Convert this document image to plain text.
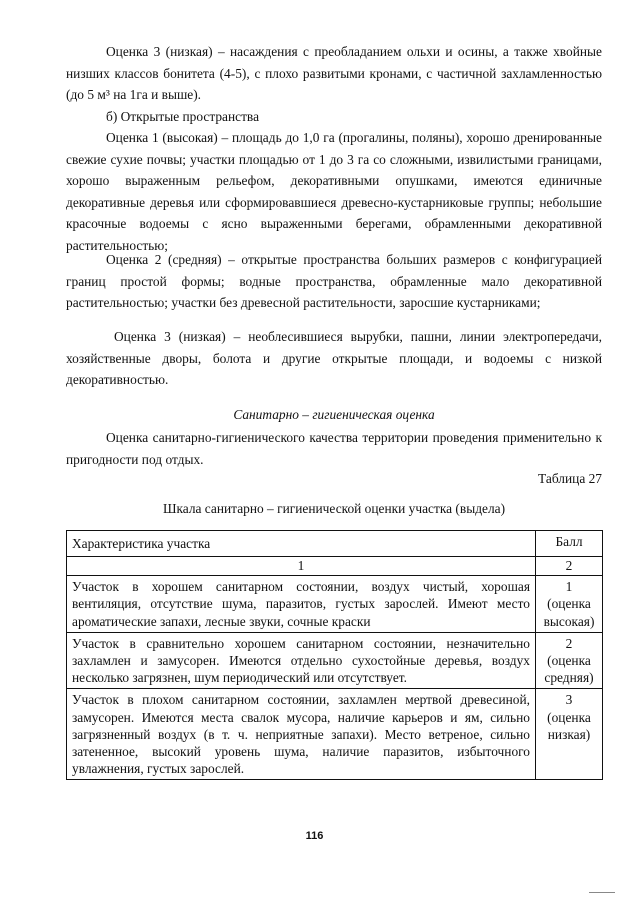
Оценка 3 (низкая) – насаждения с преобладанием ольхи и осины, а также хвойные низших классов бонитета (4-5), с плохо развитыми кронами, с частичной захламленностью (до 5 м³ на 1га и выше).

б) Открытые пространства

Оценка 1 (высокая) – площадь до 1,0 га (прогалины, поляны), хорошо дренированные свежие сухие почвы; участки площадью от 1 до 3 га со сложными, извилистыми границами, хорошо выраженным рельефом, декоративными опушками, имеются единичные декоративные деревья или сформировавшиеся древесно-кустарниковые группы; небольшие красочные водоемы с ясно выраженными берегами, обрамленными декоративной растительностью;

Оценка 2 (средняя) – открытые пространства больших размеров с конфигурацией границ простой формы; водные пространства, обрамленные мало декоративной растительностью; участки без древесной растительности, заросшие кустарниками;

Оценка 3 (низкая) – необлесившиеся вырубки, пашни, линии электропередачи, хозяйственные дворы, болота и другие открытые площади, и водоемы с низкой декоративностью.

Санитарно – гигиеническая оценка

Оценка санитарно-гигиенического качества территории проведения применительно к пригодности под отдых.

Таблица 27

Шкала санитарно – гигиенической оценки участка (выдела)

Характеристика участка	Балл
1	2
Участок в хорошем санитарном состоянии, воздух чистый, хорошая вентиляция, отсутствие шума, паразитов, густых зарослей. Имеют место ароматические запахи, лесные звуки, сочные краски	1
(оценка высокая)

Участок в сравнительно хорошем санитарном состоянии, незначительно захламлен и замусорен. Имеются отдельно сухостойные деревья, воздух несколько загрязнен, шум периодический или отсутствует.	2
(оценка средняя)

Участок в плохом санитарном состоянии, захламлен мертвой древесиной, замусорен. Имеются места свалок мусора, наличие карьеров и ям, сильно загрязненный воздух (в т. ч. неприятные запахи). Место ветреное, сильно затененное, высокий уровень шума, наличие паразитов, избыточного увлажнения, густых зарослей.	3
(оценка низкая)

116
